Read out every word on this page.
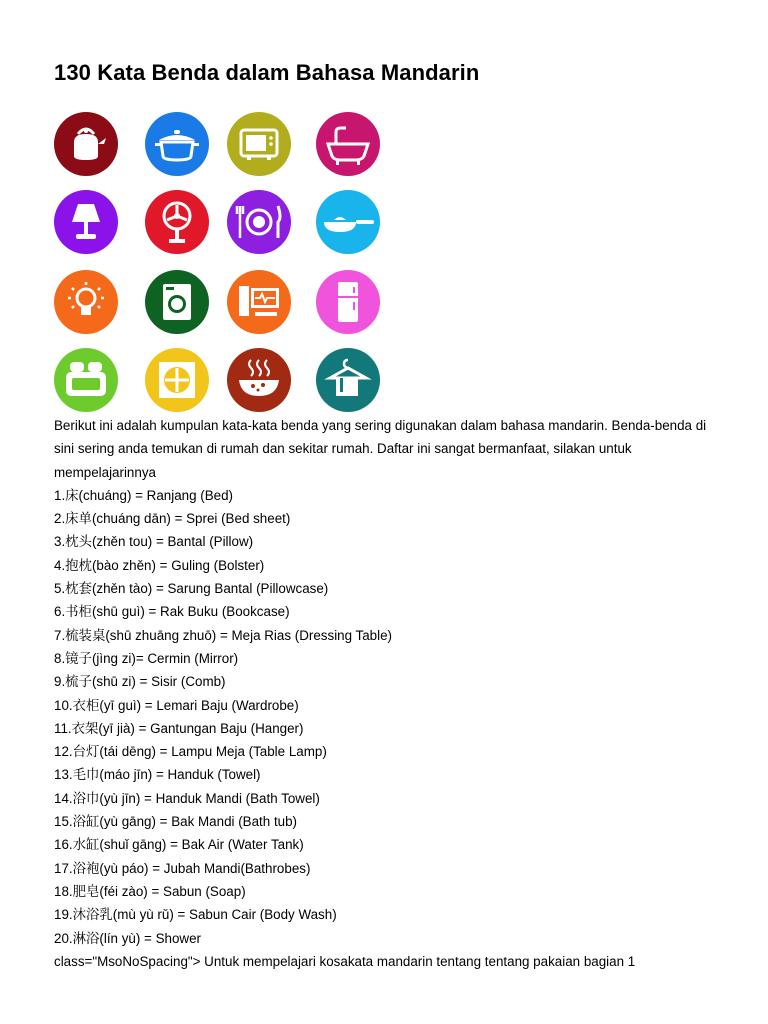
130 Kata Benda dalam Bahasa Mandarin

Berikut ini adalah kumpulan kata-kata benda yang sering digunakan dalam bahasa mandarin. Benda-benda di sini sering anda temukan di rumah dan sekitar rumah. Daftar ini sangat bermanfaat, silakan untuk mempelajarinnya

1.床(chuáng) = Ranjang (Bed)
2.床单(chuáng dān) = Sprei (Bed sheet)
3.枕头(zhěn tou) = Bantal (Pillow)
4.抱枕(bào zhěn) = Guling (Bolster)
5.枕套(zhěn tào) = Sarung Bantal (Pillowcase)
6.书柜(shū guì) = Rak Buku (Bookcase)
7.梳装桌(shū zhuāng zhuō) = Meja Rias (Dressing Table)
8.镜子(jìng zi)= Cermin (Mirror)
9.梳子(shū zi) = Sisir (Comb)
10.衣柜(yī guì) = Lemari Baju (Wardrobe)
11.衣架(yī jià) = Gantungan Baju (Hanger)
12.台灯(tái dēng) = Lampu Meja (Table Lamp)
13.毛巾(máo jīn) = Handuk (Towel)
14.浴巾(yù jīn) = Handuk Mandi (Bath Towel)
15.浴缸(yù gāng) = Bak Mandi (Bath tub)
16.水缸(shuǐ gāng) = Bak Air (Water Tank)
17.浴袍(yù páo) = Jubah Mandi(Bathrobes)
18.肥皂(féi zào) = Sabun (Soap)
19.沐浴乳(mù yù rǔ) = Sabun Cair (Body Wash)
20.淋浴(lín yù) = Shower

class="MsoNoSpacing"> Untuk mempelajari kosakata mandarin tentang tentang pakaian bagian 1
